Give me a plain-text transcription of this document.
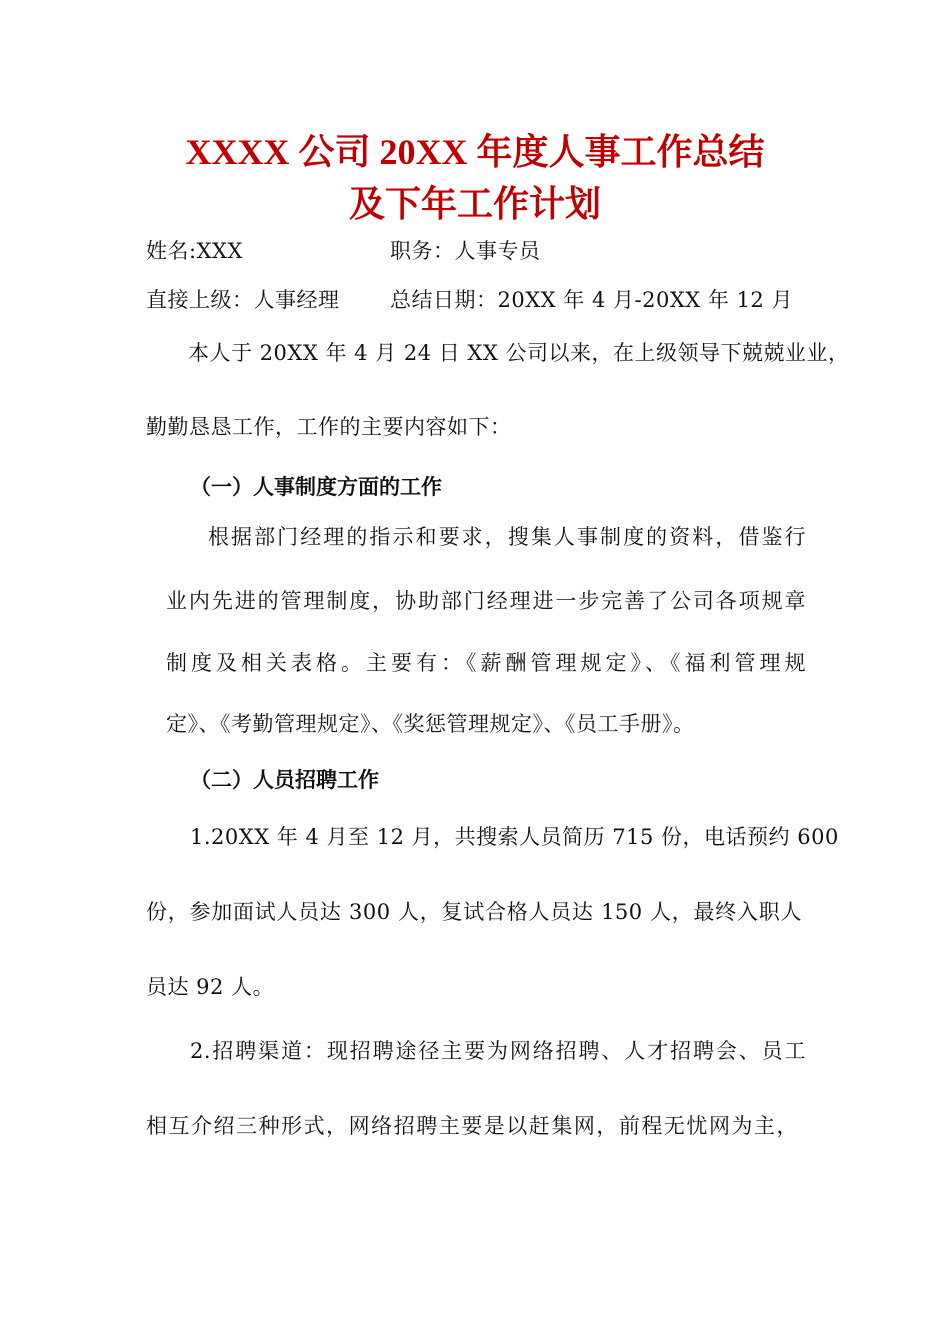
XXXX 公司 20XX 年度人事工作总结
及下年工作计划
姓名:XXX	职务：人事专员
直接上级：人事经理 总结日期：20XX 年 4 月-20XX 年 12 月
本人于 20XX 年 4 月 24 日 XX 公司以来，在上级领导下兢兢业业，
勤勤恳恳工作，工作的主要内容如下：
（一）人事制度方面的工作
根据部门经理的指示和要求，搜集人事制度的资料，借鉴行
业内先进的管理制度，协助部门经理进一步完善了公司各项规章
制度及相关表格。主要有：《薪酬管理规定》、《福利管理规
定》、《考勤管理规定》、《奖惩管理规定》、《员工手册》。
（二）人员招聘工作
1.20XX 年 4 月至 12 月，共搜索人员简历 715 份，电话预约 600
份，参加面试人员达 300 人，复试合格人员达 150 人，最终入职人
员达 92 人。
2.招聘渠道：现招聘途径主要为网络招聘、人才招聘会、员工
相互介绍三种形式，网络招聘主要是以赶集网，前程无忧网为主，
